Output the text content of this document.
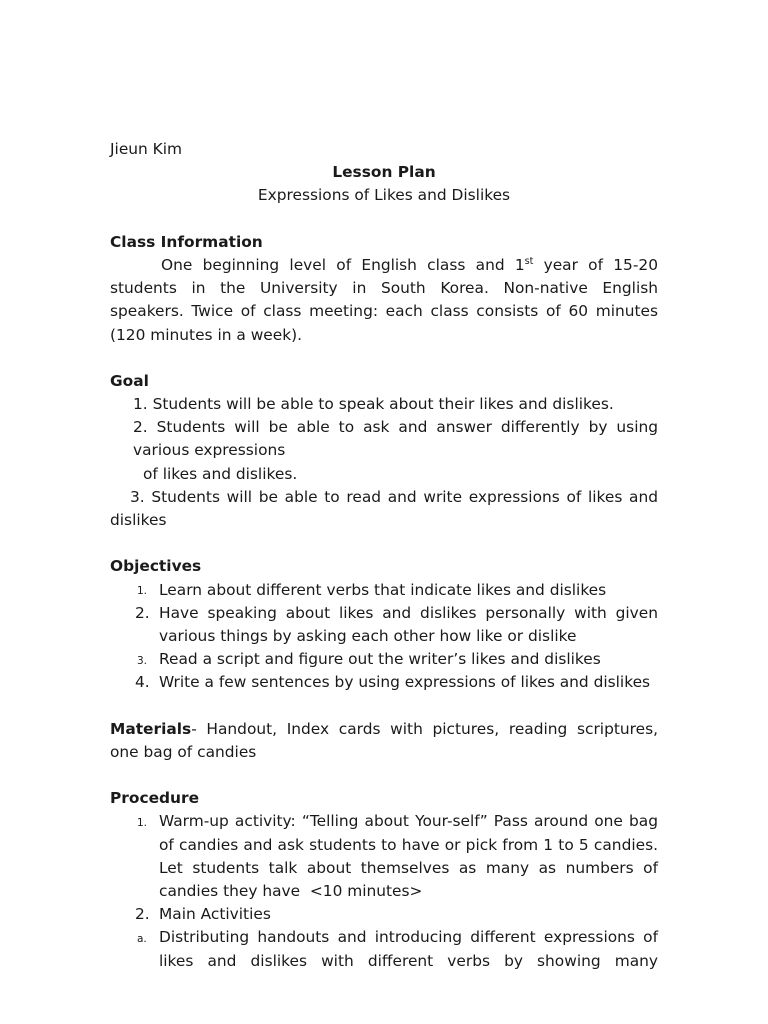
Jieun Kim
Lesson Plan
Expressions of Likes and Dislikes
Class Information
One beginning level of English class and 1st year of 15-20
students in the University in South Korea. Non-native English
speakers. Twice of class meeting: each class consists of 60 minutes
(120 minutes in a week).
Goal
1. Students will be able to speak about their likes and dislikes.
2. Students will be able to ask and answer differently by using
various expressions
of likes and dislikes.
3. Students will be able to read and write expressions of likes and
dislikes
Objectives
1. Learn about different verbs that indicate likes and dislikes
2. Have speaking about likes and dislikes personally with given
various things by asking each other how like or dislike
3. Read a script and figure out the writer’s likes and dislikes
4. Write a few sentences by using expressions of likes and dislikes
Materials- Handout, Index cards with pictures, reading scriptures,
one bag of candies
Procedure
1. Warm-up activity: “Telling about Your-self” Pass around one bag
of candies and ask students to have or pick from 1 to 5 candies.
Let students talk about themselves as many as numbers of
candies they have  <10 minutes>
2. Main Activities
a. Distributing handouts and introducing different expressions of
likes and dislikes with different verbs by showing many
